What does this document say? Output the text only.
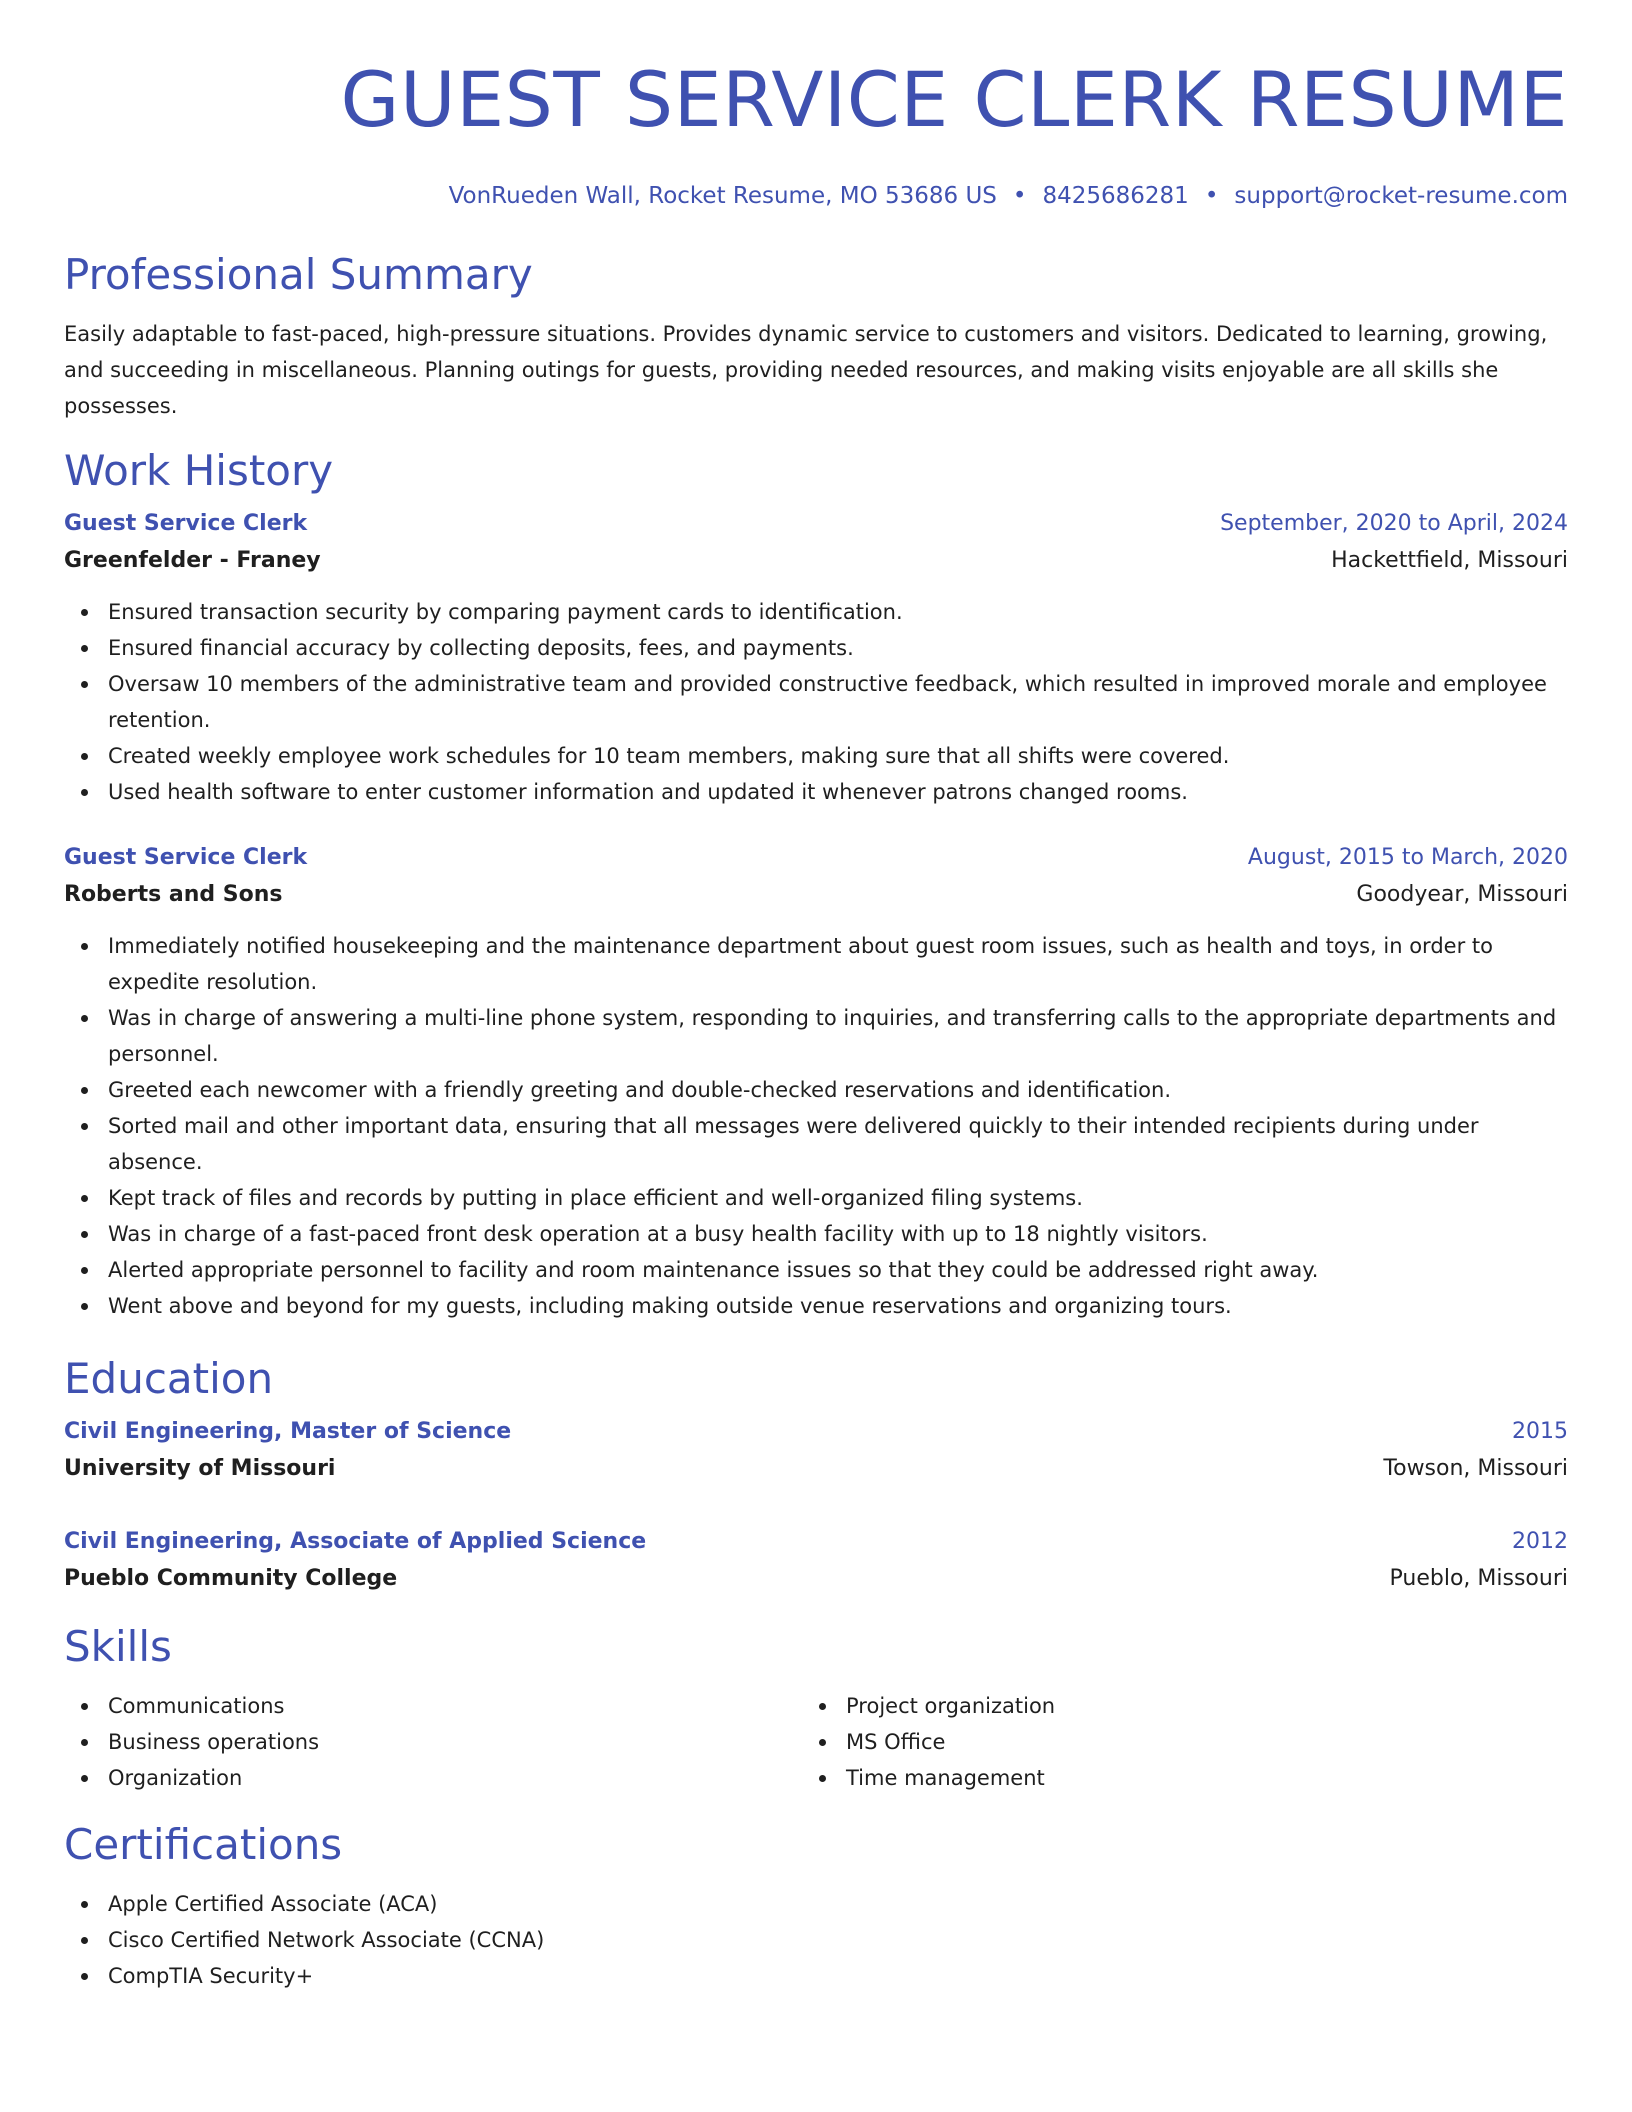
GUEST SERVICE CLERK RESUME
VonRueden Wall, Rocket Resume, MO 53686 US • 8425686281 • support@rocket-resume.com
Professional Summary

Easily adaptable to fast-paced, high-pressure situations. Provides dynamic service to customers and visitors. Dedicated to learning, growing, and succeeding in miscellaneous. Planning outings for guests, providing needed resources, and making visits enjoyable are all skills she possesses.

Work History
Guest Service Clerk	September, 2020 to April, 2024
Greenfelder - Franey	Hackettfield, Missouri
Ensured transaction security by comparing payment cards to identification.
Ensured financial accuracy by collecting deposits, fees, and payments.
Oversaw 10 members of the administrative team and provided constructive feedback, which resulted in improved morale and employee retention.
Created weekly employee work schedules for 10 team members, making sure that all shifts were covered.
Used health software to enter customer information and updated it whenever patrons changed rooms.
Guest Service Clerk	August, 2015 to March, 2020
Roberts and Sons	Goodyear, Missouri
Immediately notified housekeeping and the maintenance department about guest room issues, such as health and toys, in order to expedite resolution.
Was in charge of answering a multi-line phone system, responding to inquiries, and transferring calls to the appropriate departments and personnel.
Greeted each newcomer with a friendly greeting and double-checked reservations and identification.
Sorted mail and other important data, ensuring that all messages were delivered quickly to their intended recipients during under absence.
Kept track of files and records by putting in place efficient and well-organized filing systems.
Was in charge of a fast-paced front desk operation at a busy health facility with up to 18 nightly visitors.
Alerted appropriate personnel to facility and room maintenance issues so that they could be addressed right away.
Went above and beyond for my guests, including making outside venue reservations and organizing tours.
Education
Civil Engineering, Master of Science	2015
University of Missouri	Towson, Missouri
Civil Engineering, Associate of Applied Science	2012
Pueblo Community College	Pueblo, Missouri
Skills
Communications
Business operations
Organization
Project organization
MS Office
Time management
Certifications
Apple Certified Associate (ACA)
Cisco Certified Network Associate (CCNA)
CompTIA Security+
